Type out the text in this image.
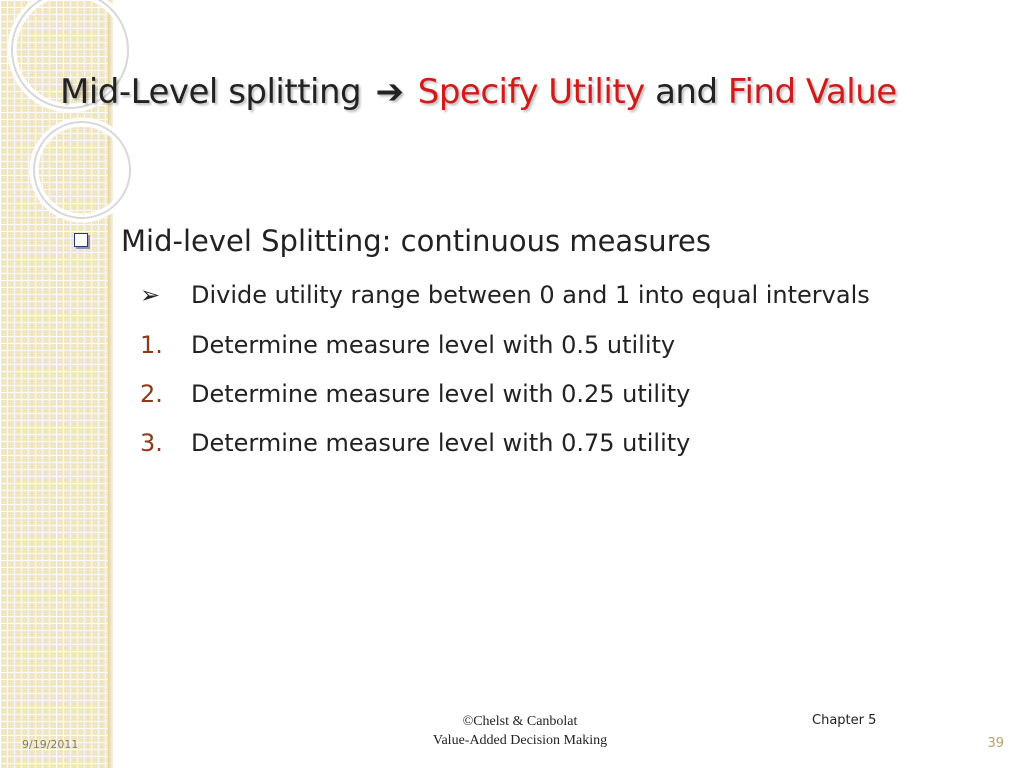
Mid-Level splitting ➔ Specify Utility and Find Value
Mid-level Splitting: continuous measures
➢	Divide utility range between 0 and 1 into equal intervals
1.	Determine measure level with 0.5 utility
2.	Determine measure level with 0.25 utility
3.	Determine measure level with 0.75 utility
9/19/2011
©Chelst & Canbolat
Value-Added Decision Making
Chapter 5
39
